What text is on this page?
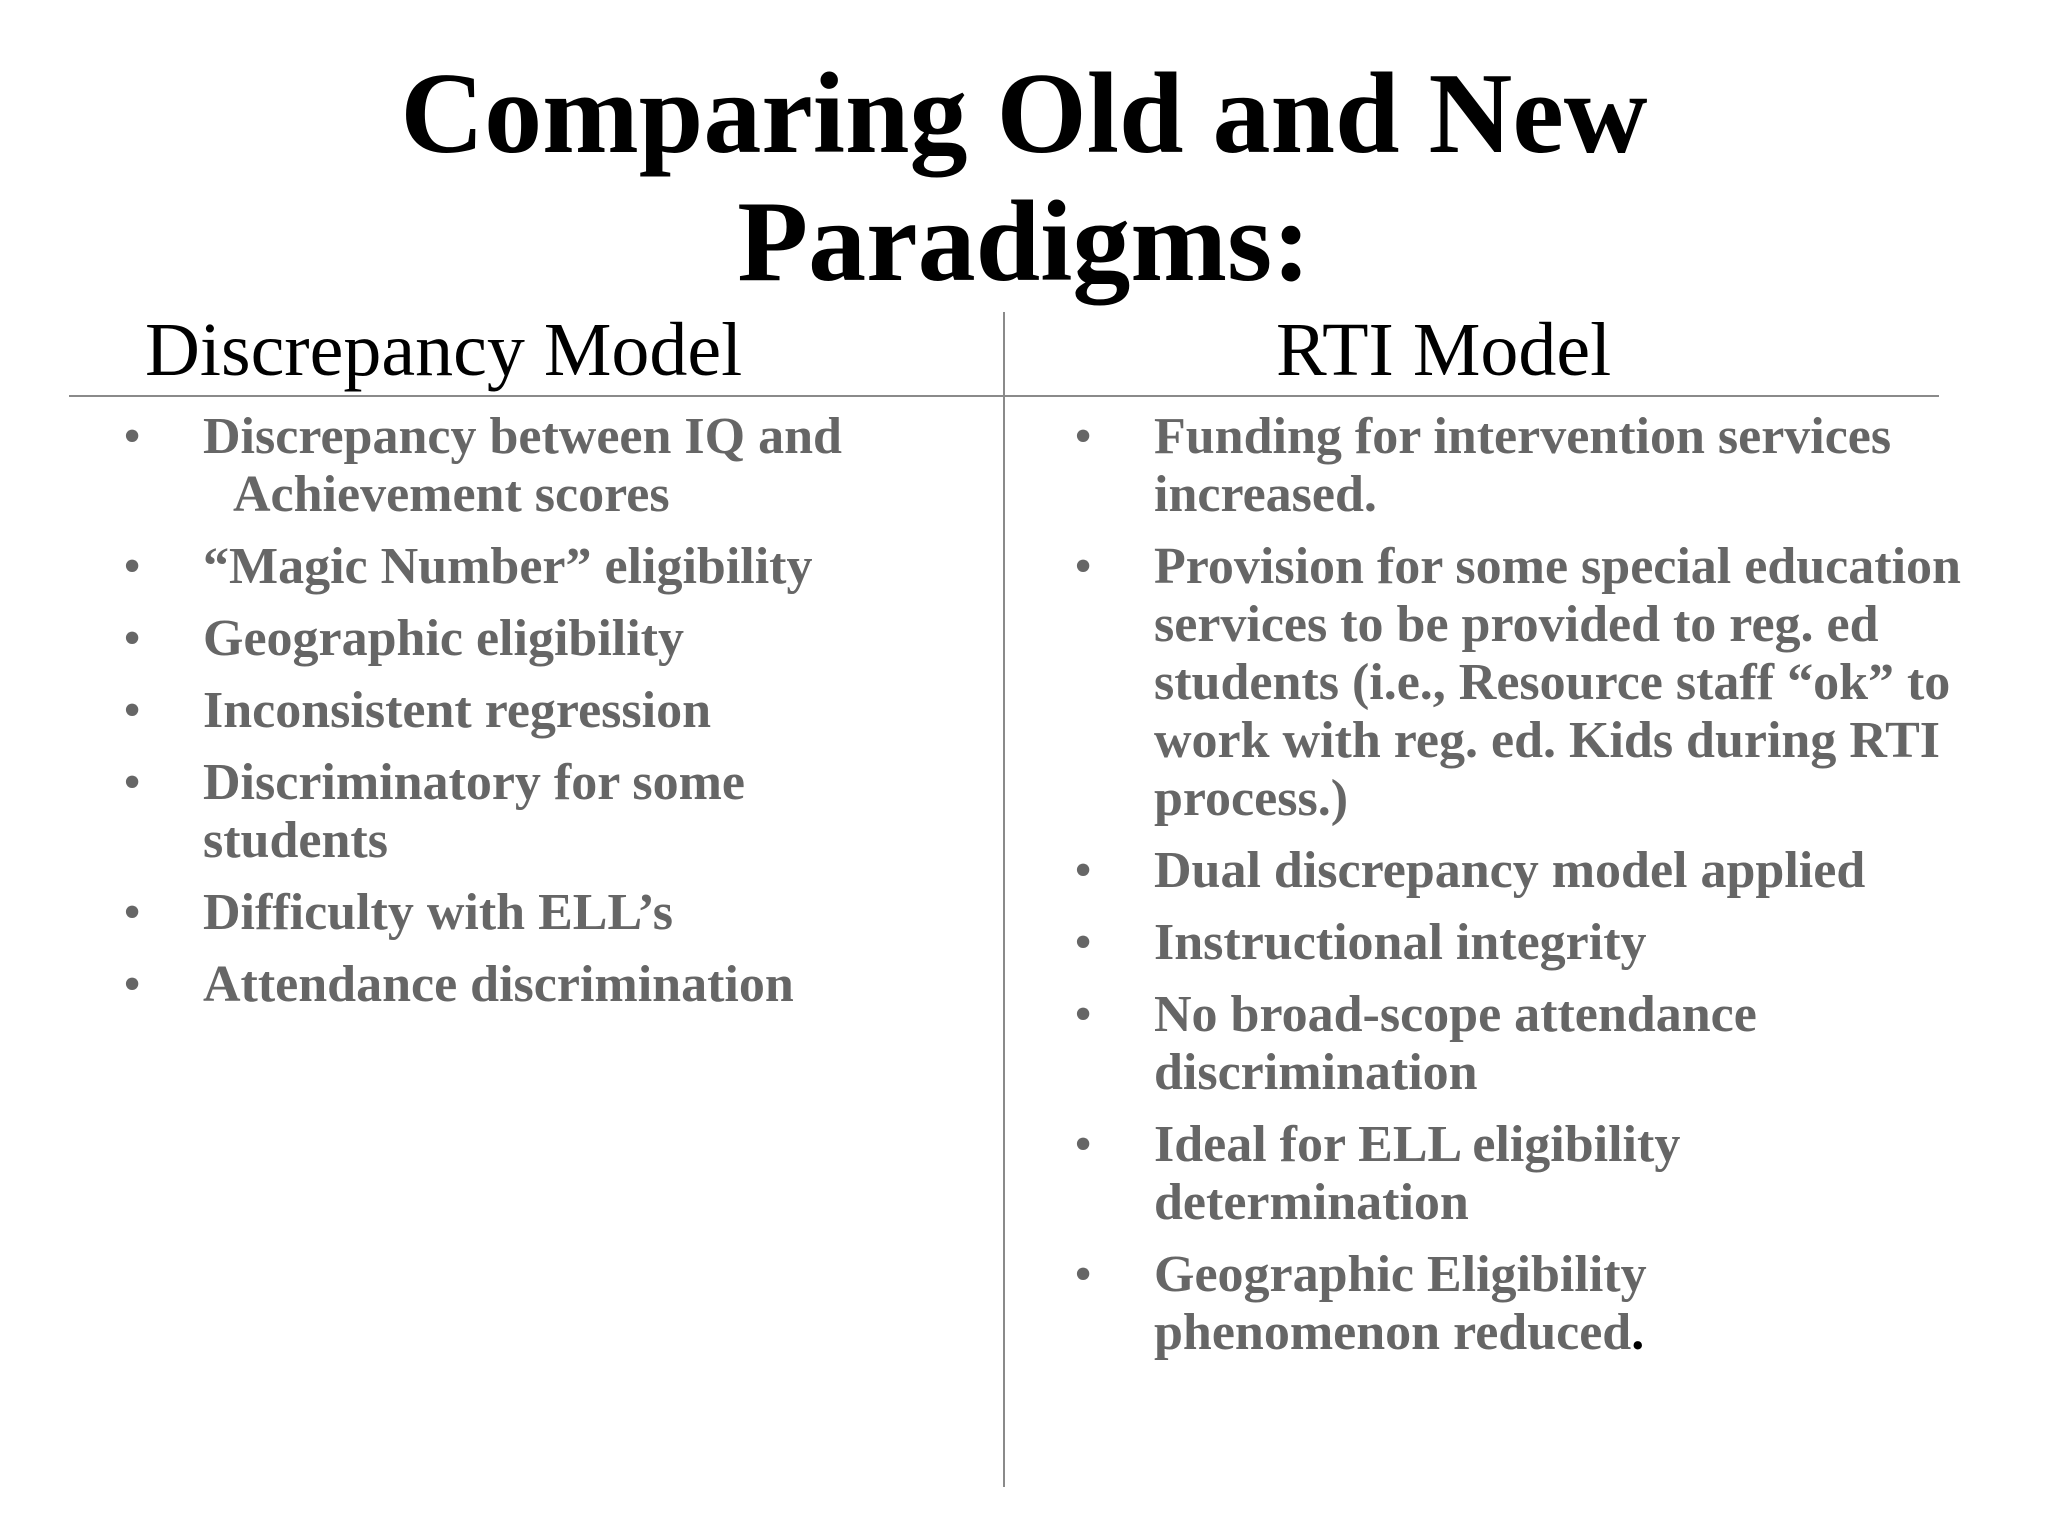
Comparing Old and New
Paradigms:
Discrepancy Model	RTI Model
• Discrepancy between IQ and
Achievement scores
• “Magic Number” eligibility
• Geographic eligibility
• Inconsistent regression
• Discriminatory for some students
• Difficulty with ELL’s
• Attendance discrimination
• Funding for intervention services increased.
• Provision for some special education services to be provided to reg. ed students (i.e., Resource staff “ok” to work with reg. ed. Kids during RTI process.)
• Dual discrepancy model applied
• Instructional integrity
• No broad-scope attendance discrimination
• Ideal for ELL eligibility determination
• Geographic Eligibility phenomenon reduced.
